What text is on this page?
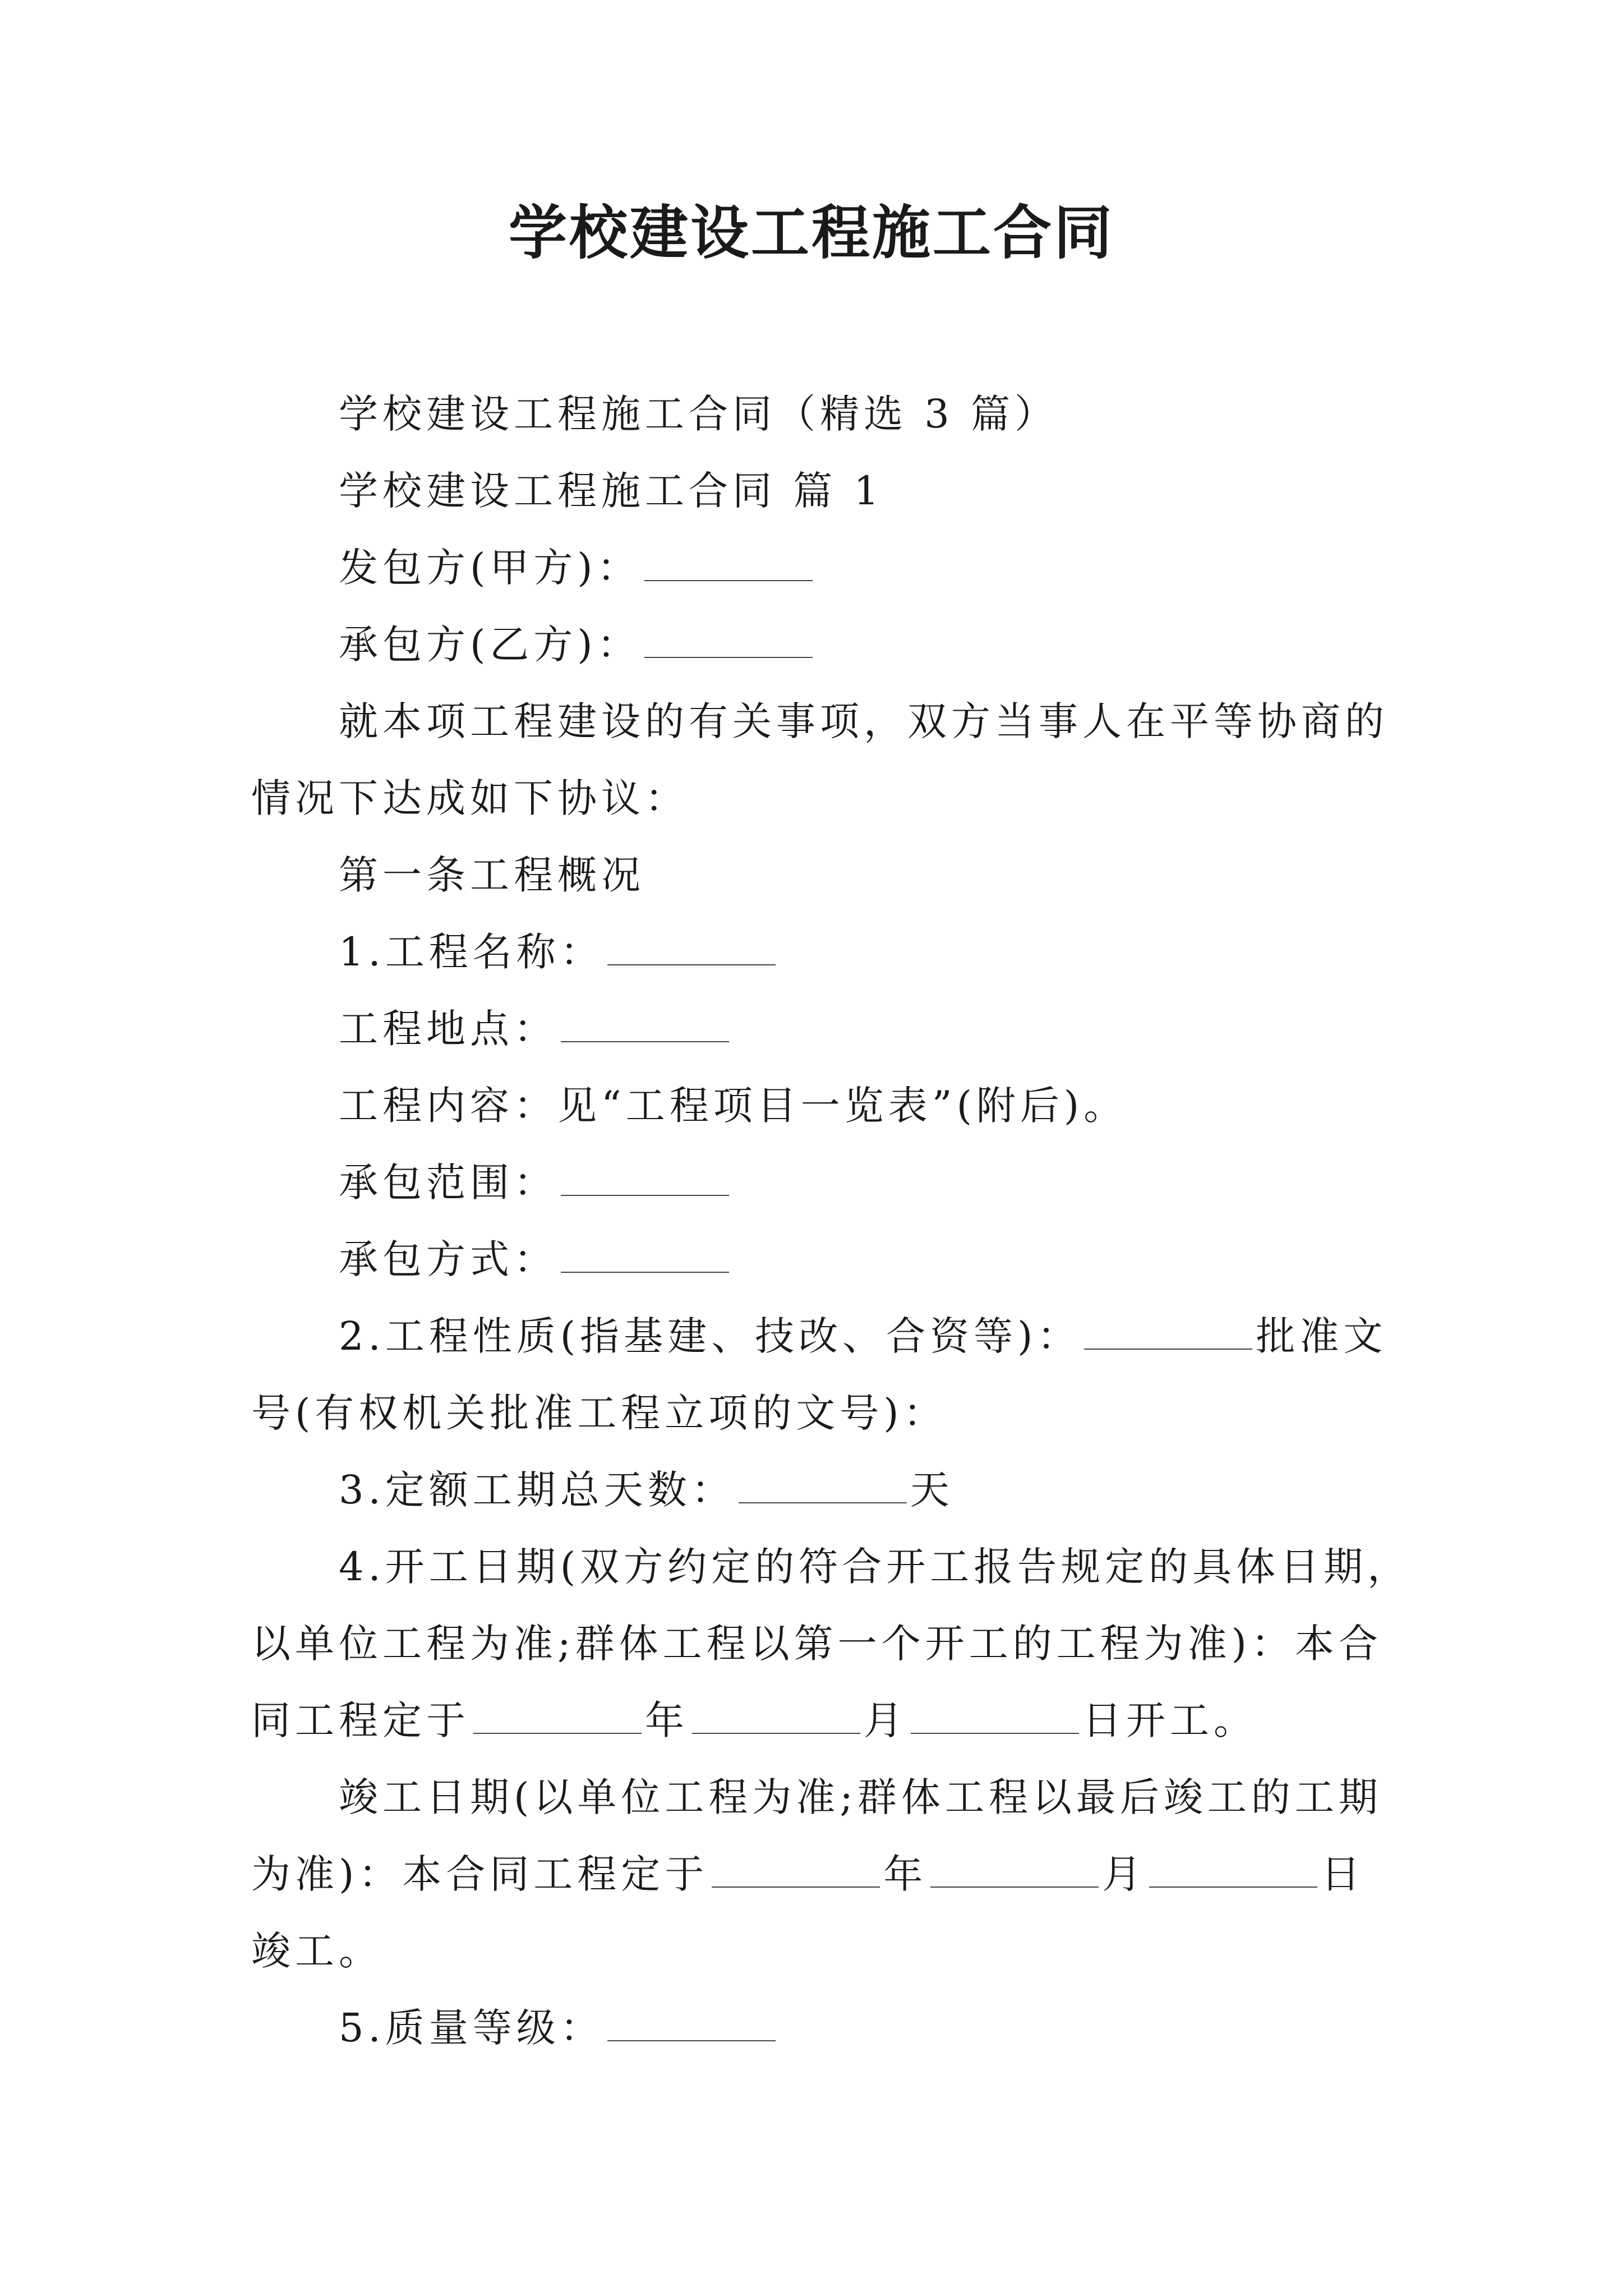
学校建设工程施工合同
学校建设工程施工合同（精选 3 篇）
学校建设工程施工合同 篇 1
发包方(甲方)：
承包方(乙方)：
就本项工程建设的有关事项，双方当事人在平等协商的
情况下达成如下协议：
第一条工程概况
1.工程名称：
工程地点：
工程内容：见“工程项目一览表”(附后)。
承包范围：
承包方式：
2.工程性质(指基建、技改、合资等)：	批准文
号(有权机关批准工程立项的文号)：
3.定额工期总天数：	天
4.开工日期(双方约定的符合开工报告规定的具体日期，
以单位工程为准;群体工程以第一个开工的工程为准)：本合
同工程定于	年	月	日开工。
竣工日期(以单位工程为准;群体工程以最后竣工的工期
为准)：本合同工程定于	年	月	日
竣工。
5.质量等级：
